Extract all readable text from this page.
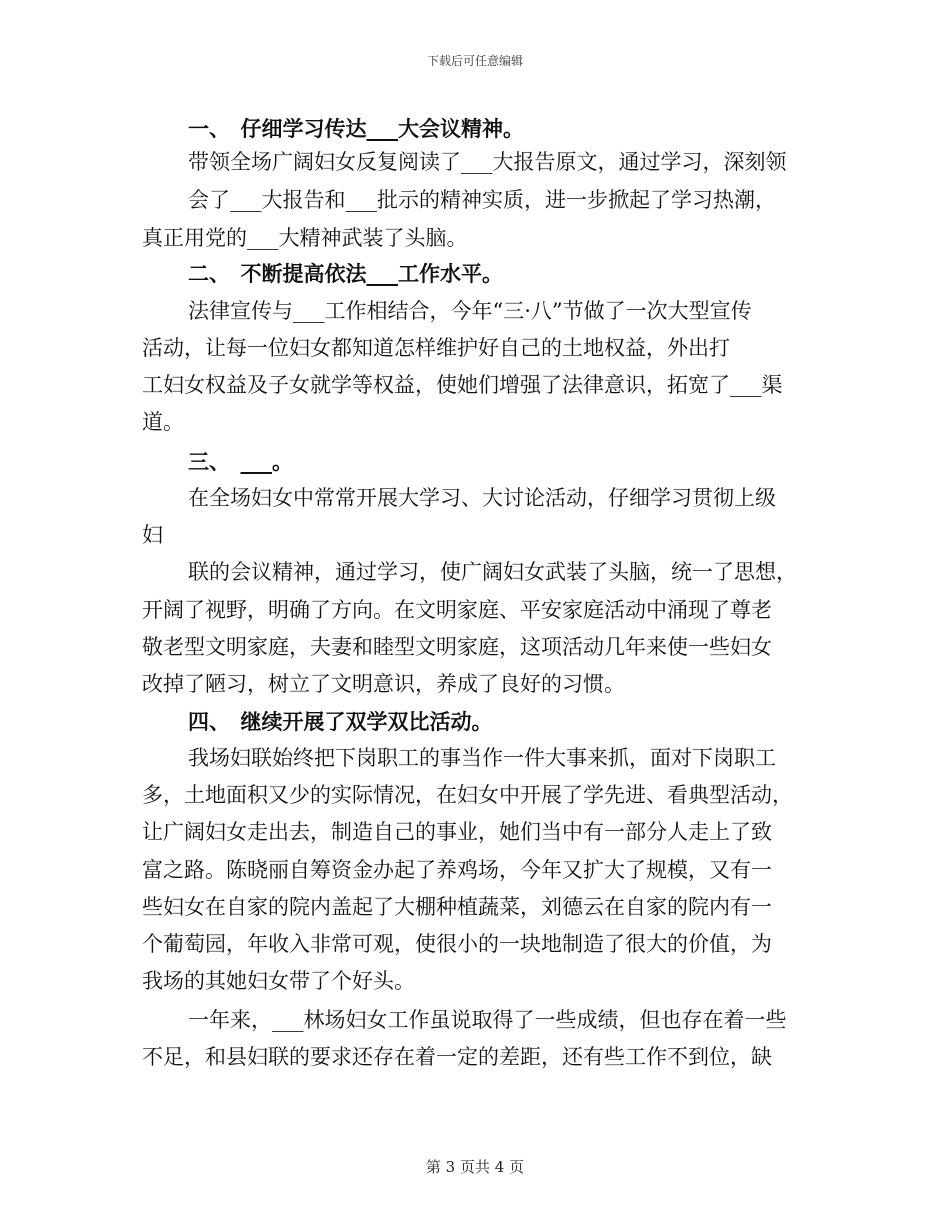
下载后可任意编辑
一、　仔细学习传达___大会议精神。
带领全场广阔妇女反复阅读了___大报告原文，通过学习，深刻领
会了___大报告和___批示的精神实质，进一步掀起了学习热潮，
真正用党的___大精神武装了头脑。
二、　不断提高依法___工作水平。
法律宣传与___工作相结合，今年“三·八”节做了一次大型宣传
活动，让每一位妇女都知道怎样维护好自己的土地权益，外出打
工妇女权益及子女就学等权益，使她们增强了法律意识，拓宽了___渠
道。
三、　___。
在全场妇女中常常开展大学习、大讨论活动，仔细学习贯彻上级
妇
联的会议精神，通过学习，使广阔妇女武装了头脑，统一了思想，
开阔了视野，明确了方向。在文明家庭、平安家庭活动中涌现了尊老
敬老型文明家庭，夫妻和睦型文明家庭，这项活动几年来使一些妇女
改掉了陋习，树立了文明意识，养成了良好的习惯。
四、　继续开展了双学双比活动。
我场妇联始终把下岗职工的事当作一件大事来抓，面对下岗职工
多，土地面积又少的实际情况，在妇女中开展了学先进、看典型活动，
让广阔妇女走出去，制造自己的事业，她们当中有一部分人走上了致
富之路。陈晓丽自筹资金办起了养鸡场，今年又扩大了规模，又有一
些妇女在自家的院内盖起了大棚种植蔬菜，刘德云在自家的院内有一
个葡萄园，年收入非常可观，使很小的一块地制造了很大的价值，为
我场的其她妇女带了个好头。
一年来，___林场妇女工作虽说取得了一些成绩，但也存在着一些
不足，和县妇联的要求还存在着一定的差距，还有些工作不到位，缺
第 3 页共 4 页
